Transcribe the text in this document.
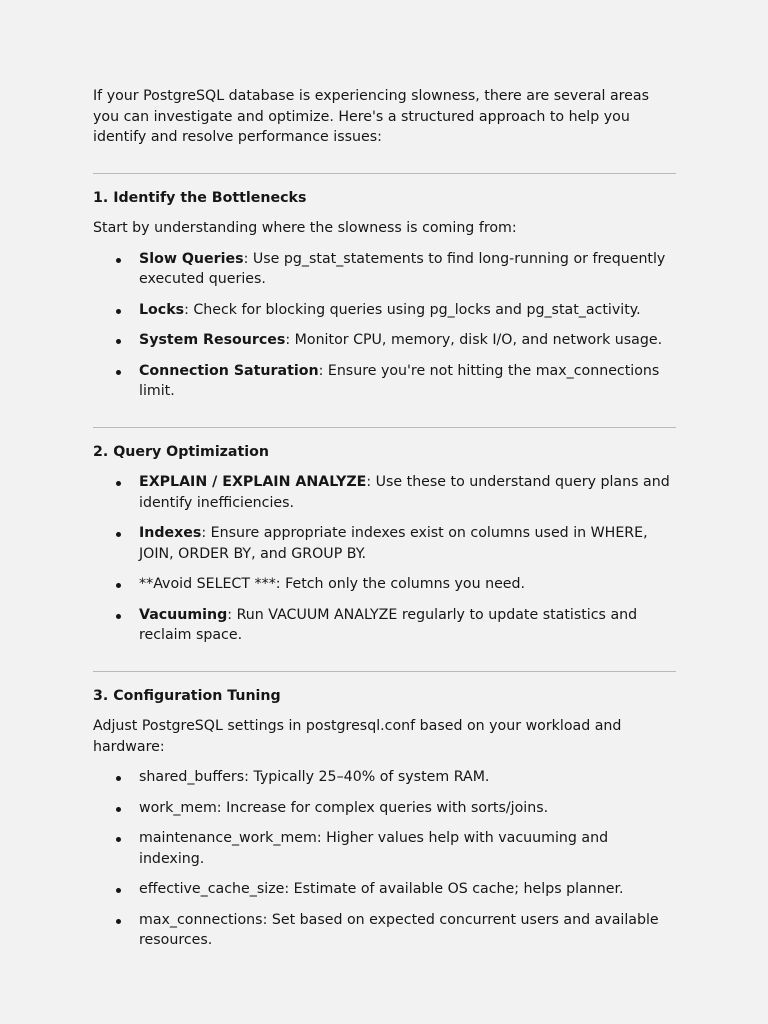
If your PostgreSQL database is experiencing slowness, there are several areas you can investigate and optimize. Here's a structured approach to help you identify and resolve performance issues:

1. Identify the Bottlenecks

Start by understanding where the slowness is coming from:

Slow Queries: Use pg_stat_statements to find long-running or frequently executed queries.
Locks: Check for blocking queries using pg_locks and pg_stat_activity.
System Resources: Monitor CPU, memory, disk I/O, and network usage.
Connection Saturation: Ensure you're not hitting the max_connections limit.

2. Query Optimization

EXPLAIN / EXPLAIN ANALYZE: Use these to understand query plans and identify inefficiencies.
Indexes: Ensure appropriate indexes exist on columns used in WHERE, JOIN, ORDER BY, and GROUP BY.
**Avoid SELECT ***: Fetch only the columns you need.
Vacuuming: Run VACUUM ANALYZE regularly to update statistics and reclaim space.

3. Configuration Tuning

Adjust PostgreSQL settings in postgresql.conf based on your workload and hardware:

shared_buffers: Typically 25–40% of system RAM.
work_mem: Increase for complex queries with sorts/joins.
maintenance_work_mem: Higher values help with vacuuming and indexing.
effective_cache_size: Estimate of available OS cache; helps planner.
max_connections: Set based on expected concurrent users and available resources.
